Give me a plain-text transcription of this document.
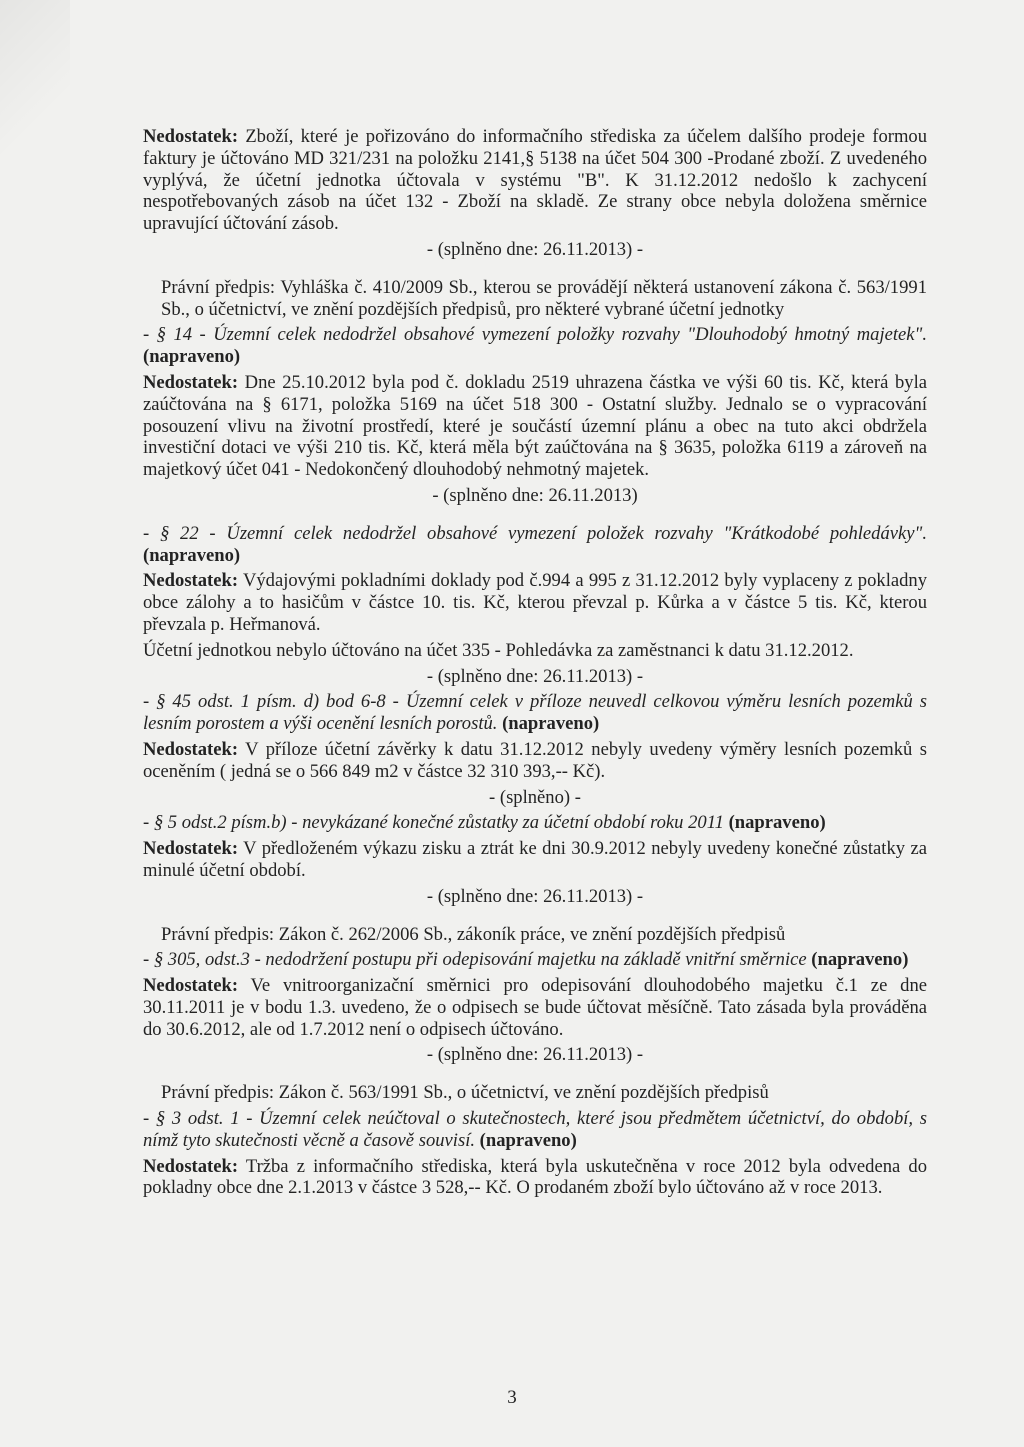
Nedostatek: Zboží, které je pořizováno do informačního střediska za účelem dalšího prodeje formou faktury je účtováno MD 321/231 na položku 2141,§ 5138 na účet 504 300 -Prodané zboží. Z uvedeného vyplývá, že účetní jednotka účtovala v systému "B". K 31.12.2012 nedošlo k zachycení nespotřebovaných zásob na účet 132 - Zboží na skladě. Ze strany obce nebyla doložena směrnice upravující účtování zásob.

- (splněno dne: 26.11.2013) -

Právní předpis: Vyhláška č. 410/2009 Sb., kterou se provádějí některá ustanovení zákona č. 563/1991 Sb., o účetnictví, ve znění pozdějších předpisů, pro některé vybrané účetní jednotky

- § 14 - Územní celek nedodržel obsahové vymezení položky rozvahy "Dlouhodobý hmotný majetek". (napraveno)

Nedostatek: Dne 25.10.2012 byla pod č. dokladu 2519 uhrazena částka ve výši 60 tis. Kč, která byla zaúčtována na § 6171, položka 5169 na účet 518 300 - Ostatní služby. Jednalo se o vypracování posouzení vlivu na životní prostředí, které je součástí územní plánu a obec na tuto akci obdržela investiční dotaci ve výši 210 tis. Kč, která měla být zaúčtována na § 3635, položka 6119 a zároveň na majetkový účet 041 - Nedokončený dlouhodobý nehmotný majetek.

- (splněno dne: 26.11.2013)

- § 22 - Územní celek nedodržel obsahové vymezení položek rozvahy "Krátkodobé pohledávky". (napraveno)

Nedostatek: Výdajovými pokladními doklady pod č.994 a 995 z 31.12.2012 byly vyplaceny z pokladny obce zálohy a to hasičům v částce 10. tis. Kč, kterou převzal p. Kůrka a v částce 5 tis. Kč, kterou převzala p. Heřmanová.

Účetní jednotkou nebylo účtováno na účet 335 - Pohledávka za zaměstnanci k datu 31.12.2012.

- (splněno dne: 26.11.2013) -

- § 45 odst. 1 písm. d) bod 6-8 - Územní celek v příloze neuvedl celkovou výměru lesních pozemků s lesním porostem a výši ocenění lesních porostů. (napraveno)

Nedostatek: V příloze účetní závěrky k datu 31.12.2012 nebyly uvedeny výměry lesních pozemků s oceněním ( jedná se o 566 849 m2 v částce 32 310 393,-- Kč).

- (splněno) -

- § 5 odst.2 písm.b) - nevykázané konečné zůstatky za účetní období roku 2011 (napraveno)

Nedostatek: V předloženém výkazu zisku a ztrát ke dni 30.9.2012 nebyly uvedeny konečné zůstatky za minulé účetní období.

- (splněno dne: 26.11.2013) -

Právní předpis: Zákon č. 262/2006 Sb., zákoník práce, ve znění pozdějších předpisů

- § 305, odst.3 - nedodržení postupu při odepisování majetku na základě vnitřní směrnice (napraveno)

Nedostatek: Ve vnitroorganizační směrnici pro odepisování dlouhodobého majetku č.1 ze dne 30.11.2011 je v bodu 1.3. uvedeno, že o odpisech se bude účtovat měsíčně. Tato zásada byla prováděna do 30.6.2012, ale od 1.7.2012 není o odpisech účtováno.

- (splněno dne: 26.11.2013) -

Právní předpis: Zákon č. 563/1991 Sb., o účetnictví, ve znění pozdějších předpisů

- § 3 odst. 1 - Územní celek neúčtoval o skutečnostech, které jsou předmětem účetnictví, do období, s nímž tyto skutečnosti věcně a časově souvisí. (napraveno)

Nedostatek: Tržba z informačního střediska, která byla uskutečněna v roce 2012 byla odvedena do pokladny obce dne 2.1.2013 v částce 3 528,-- Kč. O prodaném zboží bylo účtováno až v roce 2013.

3
